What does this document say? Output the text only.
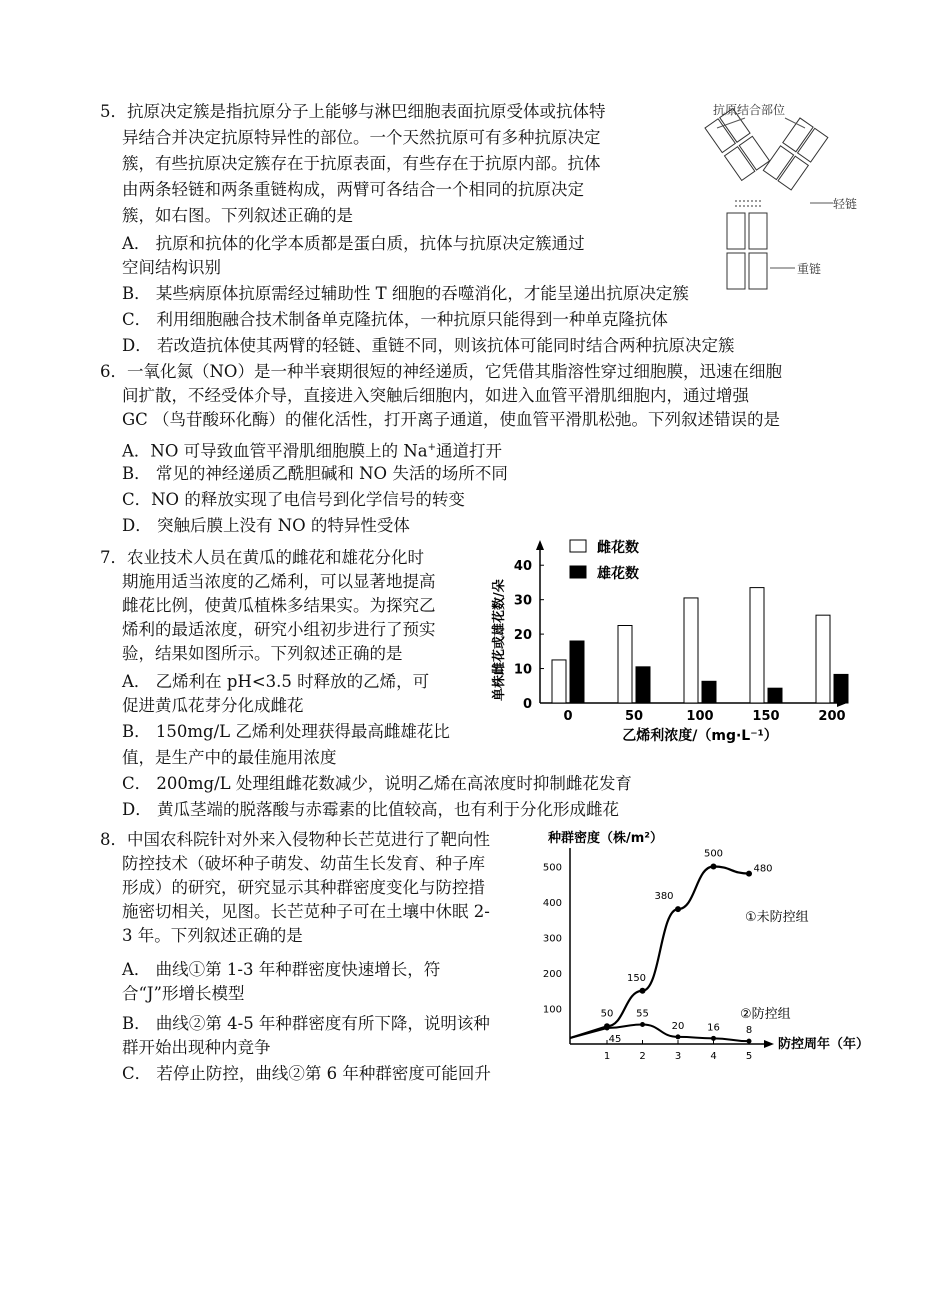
5．抗原决定簇是指抗原分子上能够与淋巴细胞表面抗原受体或抗体特
异结合并决定抗原特异性的部位。一个天然抗原可有多种抗原决定
簇，有些抗原决定簇存在于抗原表面，有些存在于抗原内部。抗体
由两条轻链和两条重链构成，两臂可各结合一个相同的抗原决定
簇，如右图。下列叙述正确的是
A． 抗原和抗体的化学本质都是蛋白质，抗体与抗原决定簇通过
空间结构识别
B． 某些病原体抗原需经过辅助性 T 细胞的吞噬消化，才能呈递出抗原决定簇
C． 利用细胞融合技术制备单克隆抗体，一种抗原只能得到一种单克隆抗体
D． 若改造抗体使其两臂的轻链、重链不同，则该抗体可能同时结合两种抗原决定簇
抗原结合部位
轻链
重链
6．一氧化氮（NO）是一种半衰期很短的神经递质，它凭借其脂溶性穿过细胞膜，迅速在细胞
间扩散，不经受体介导，直接进入突触后细胞内，如进入血管平滑肌细胞内，通过增强
GC （鸟苷酸环化酶）的催化活性，打开离子通道，使血管平滑肌松弛。下列叙述错误的是
A．NO 可导致血管平滑肌细胞膜上的 Na+通道打开
B． 常见的神经递质乙酰胆碱和 NO 失活的场所不同
C．NO 的释放实现了电信号到化学信号的转变
D． 突触后膜上没有 NO 的特异性受体
7．农业技术人员在黄瓜的雌花和雄花分化时
期施用适当浓度的乙烯利，可以显著地提高
雌花比例，使黄瓜植株多结果实。为探究乙
烯利的最适浓度，研究小组初步进行了预实
验，结果如图所示。下列叙述正确的是
A． 乙烯利在 pH<3.5 时释放的乙烯，可
促进黄瓜花芽分化成雌花
B． 150mg/L 乙烯利处理获得最高雌雄花比
值，是生产中的最佳施用浓度
C． 200mg/L 处理组雌花数减少，说明乙烯在高浓度时抑制雌花发育
D． 黄瓜茎端的脱落酸与赤霉素的比值较高，也有利于分化形成雌花
0
10
20
30
40
0	50	100	150	200
雌花数
雄花数
单株雌花或雄花数/朵
乙烯利浓度/（mg·L⁻¹）
8．中国农科院针对外来入侵物种长芒苋进行了靶向性
防控技术（破坏种子萌发、幼苗生长发育、种子库
形成）的研究，研究显示其种群密度变化与防控措
施密切相关，见图。长芒苋种子可在土壤中休眠 2-
3 年。下列叙述正确的是
A． 曲线①第 1-3 年种群密度快速增长，符
合“J”形增长模型
B． 曲线②第 4-5 年种群密度有所下降，说明该种
群开始出现种内竞争
C． 若停止防控，曲线②第 6 年种群密度可能回升
100
200
300
400
500
1	2	3	4	5
种群密度（株/m²）
防控周年（年）
50
150
380
500
480
①未防控组
45
55
20 16	8
②防控组
